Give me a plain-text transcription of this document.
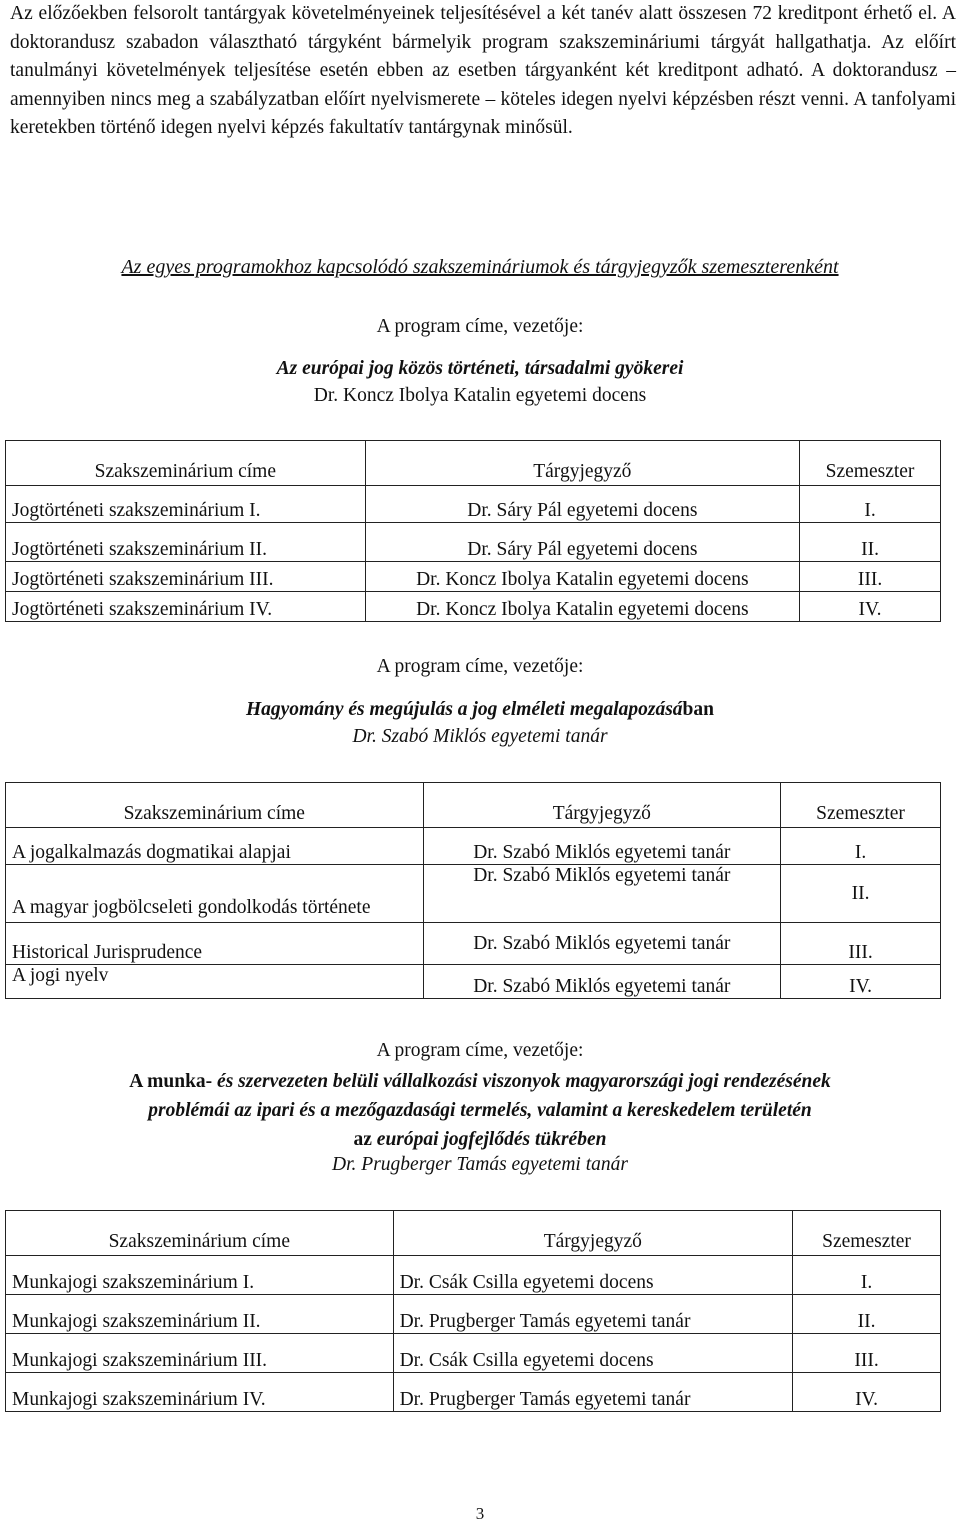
Az előzőekben felsorolt tantárgyak követelményeinek teljesítésével a két tanév alatt összesen 72 kreditpont érhető el. A doktorandusz szabadon választható tárgyként bármelyik program szakszemináriumi tárgyát hallgathatja. Az előírt tanulmányi követelmények teljesítése esetén ebben az esetben tárgyanként két kreditpont adható. A doktorandusz – amennyiben nincs meg a szabályzatban előírt nyelvismerete – köteles idegen nyelvi képzésben részt venni. A tanfolyami keretekben történő idegen nyelvi képzés fakultatív tantárgynak minősül.
Az egyes programokhoz kapcsolódó szakszemináriumok és tárgyjegyzők szemeszterenként
A program címe, vezetője:
Az európai jog közös történeti, társadalmi gyökerei
Dr. Koncz Ibolya Katalin egyetemi docens
Szakszeminárium címe	Tárgyjegyző	Szemeszter
Jogtörténeti szakszeminárium I.	Dr. Sáry Pál egyetemi docens	I.
Jogtörténeti szakszeminárium II.	Dr. Sáry Pál egyetemi docens	II.
Jogtörténeti szakszeminárium III.	Dr. Koncz Ibolya Katalin egyetemi docens	III.
Jogtörténeti szakszeminárium IV.	Dr. Koncz Ibolya Katalin egyetemi docens	IV.
A program címe, vezetője:
Hagyomány és megújulás a jog elméleti megalapozásában
Dr. Szabó Miklós egyetemi tanár
Szakszeminárium címe	Tárgyjegyző	Szemeszter
A jogalkalmazás dogmatikai alapjai	Dr. Szabó Miklós egyetemi tanár	I.
A magyar jogbölcseleti gondolkodás története	Dr. Szabó Miklós egyetemi tanár	II.
Historical Jurisprudence	Dr. Szabó Miklós egyetemi tanár	III.
A jogi nyelv	Dr. Szabó Miklós egyetemi tanár	IV.
A program címe, vezetője:
A munka- és szervezeten belüli vállalkozási viszonyok magyarországi jogi rendezésének
problémái az ipari és a mezőgazdasági termelés, valamint a kereskedelem területén
az európai jogfejlődés tükrében
Dr. Prugberger Tamás egyetemi tanár
Szakszeminárium címe	Tárgyjegyző	Szemeszter
Munkajogi szakszeminárium I.	Dr. Csák Csilla egyetemi docens	I.
Munkajogi szakszeminárium II.	Dr. Prugberger Tamás egyetemi tanár	II.
Munkajogi szakszeminárium III.	Dr. Csák Csilla egyetemi docens	III.
Munkajogi szakszeminárium IV.	Dr. Prugberger Tamás egyetemi tanár	IV.
3
